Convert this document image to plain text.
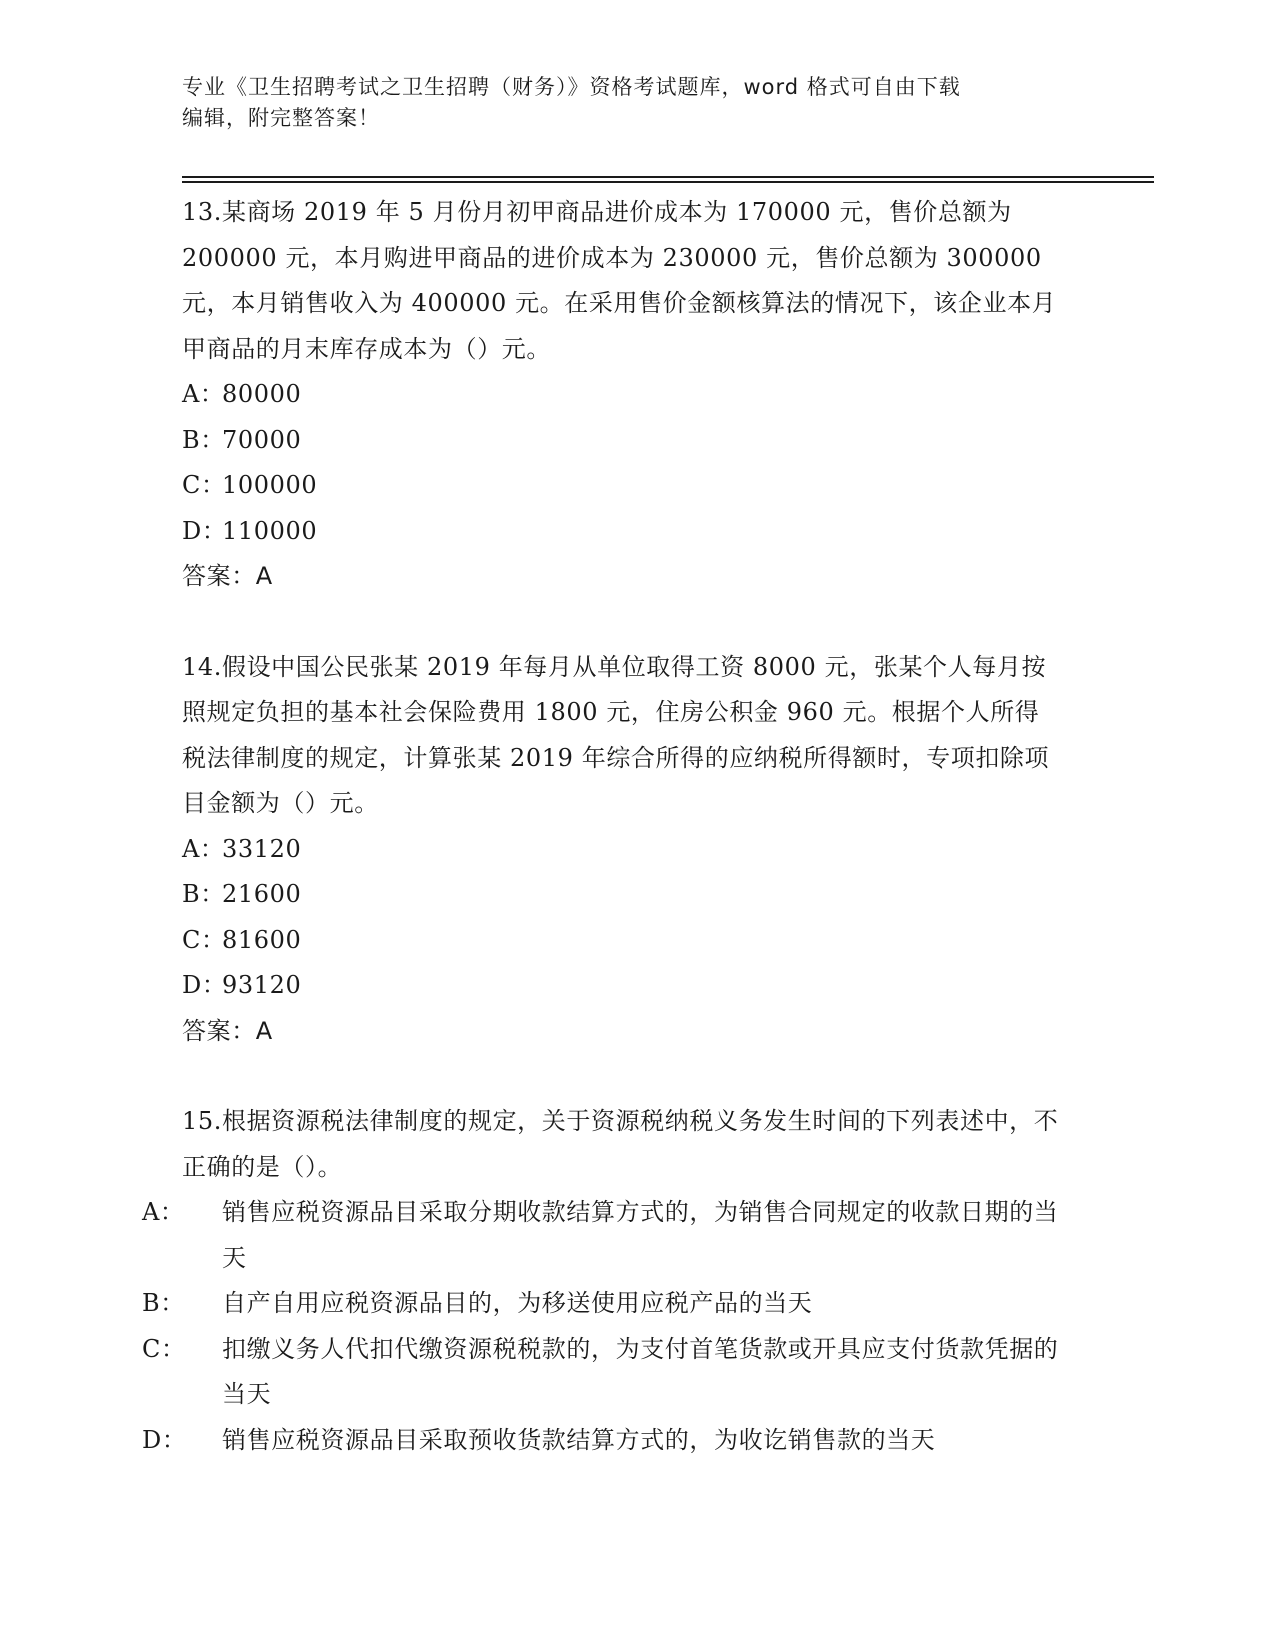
专业《卫生招聘考试之卫生招聘（财务）》资格考试题库，word 格式可自由下载
编辑，附完整答案！
13.某商场 2019 年 5 月份月初甲商品进价成本为 170000 元，售价总额为 200000 元，本月购进甲商品的进价成本为 230000 元，售价总额为 300000 元，本月销售收入为 400000 元。在采用售价金额核算法的情况下，该企业本月甲商品的月末库存成本为（）元。
A：80000
B：70000
C：100000
D：110000
答案：A
14.假设中国公民张某 2019 年每月从单位取得工资 8000 元，张某个人每月按照规定负担的基本社会保险费用 1800 元，住房公积金 960 元。根据个人所得税法律制度的规定，计算张某 2019 年综合所得的应纳税所得额时，专项扣除项目金额为（）元。
A：33120
B：21600
C：81600
D：93120
答案：A
15.根据资源税法律制度的规定，关于资源税纳税义务发生时间的下列表述中，不正确的是（）。
A： 销售应税资源品目采取分期收款结算方式的，为销售合同规定的收款日期的当天
B： 自产自用应税资源品目的，为移送使用应税产品的当天
C： 扣缴义务人代扣代缴资源税税款的，为支付首笔货款或开具应支付货款凭据的当天
D： 销售应税资源品目采取预收货款结算方式的，为收讫销售款的当天
